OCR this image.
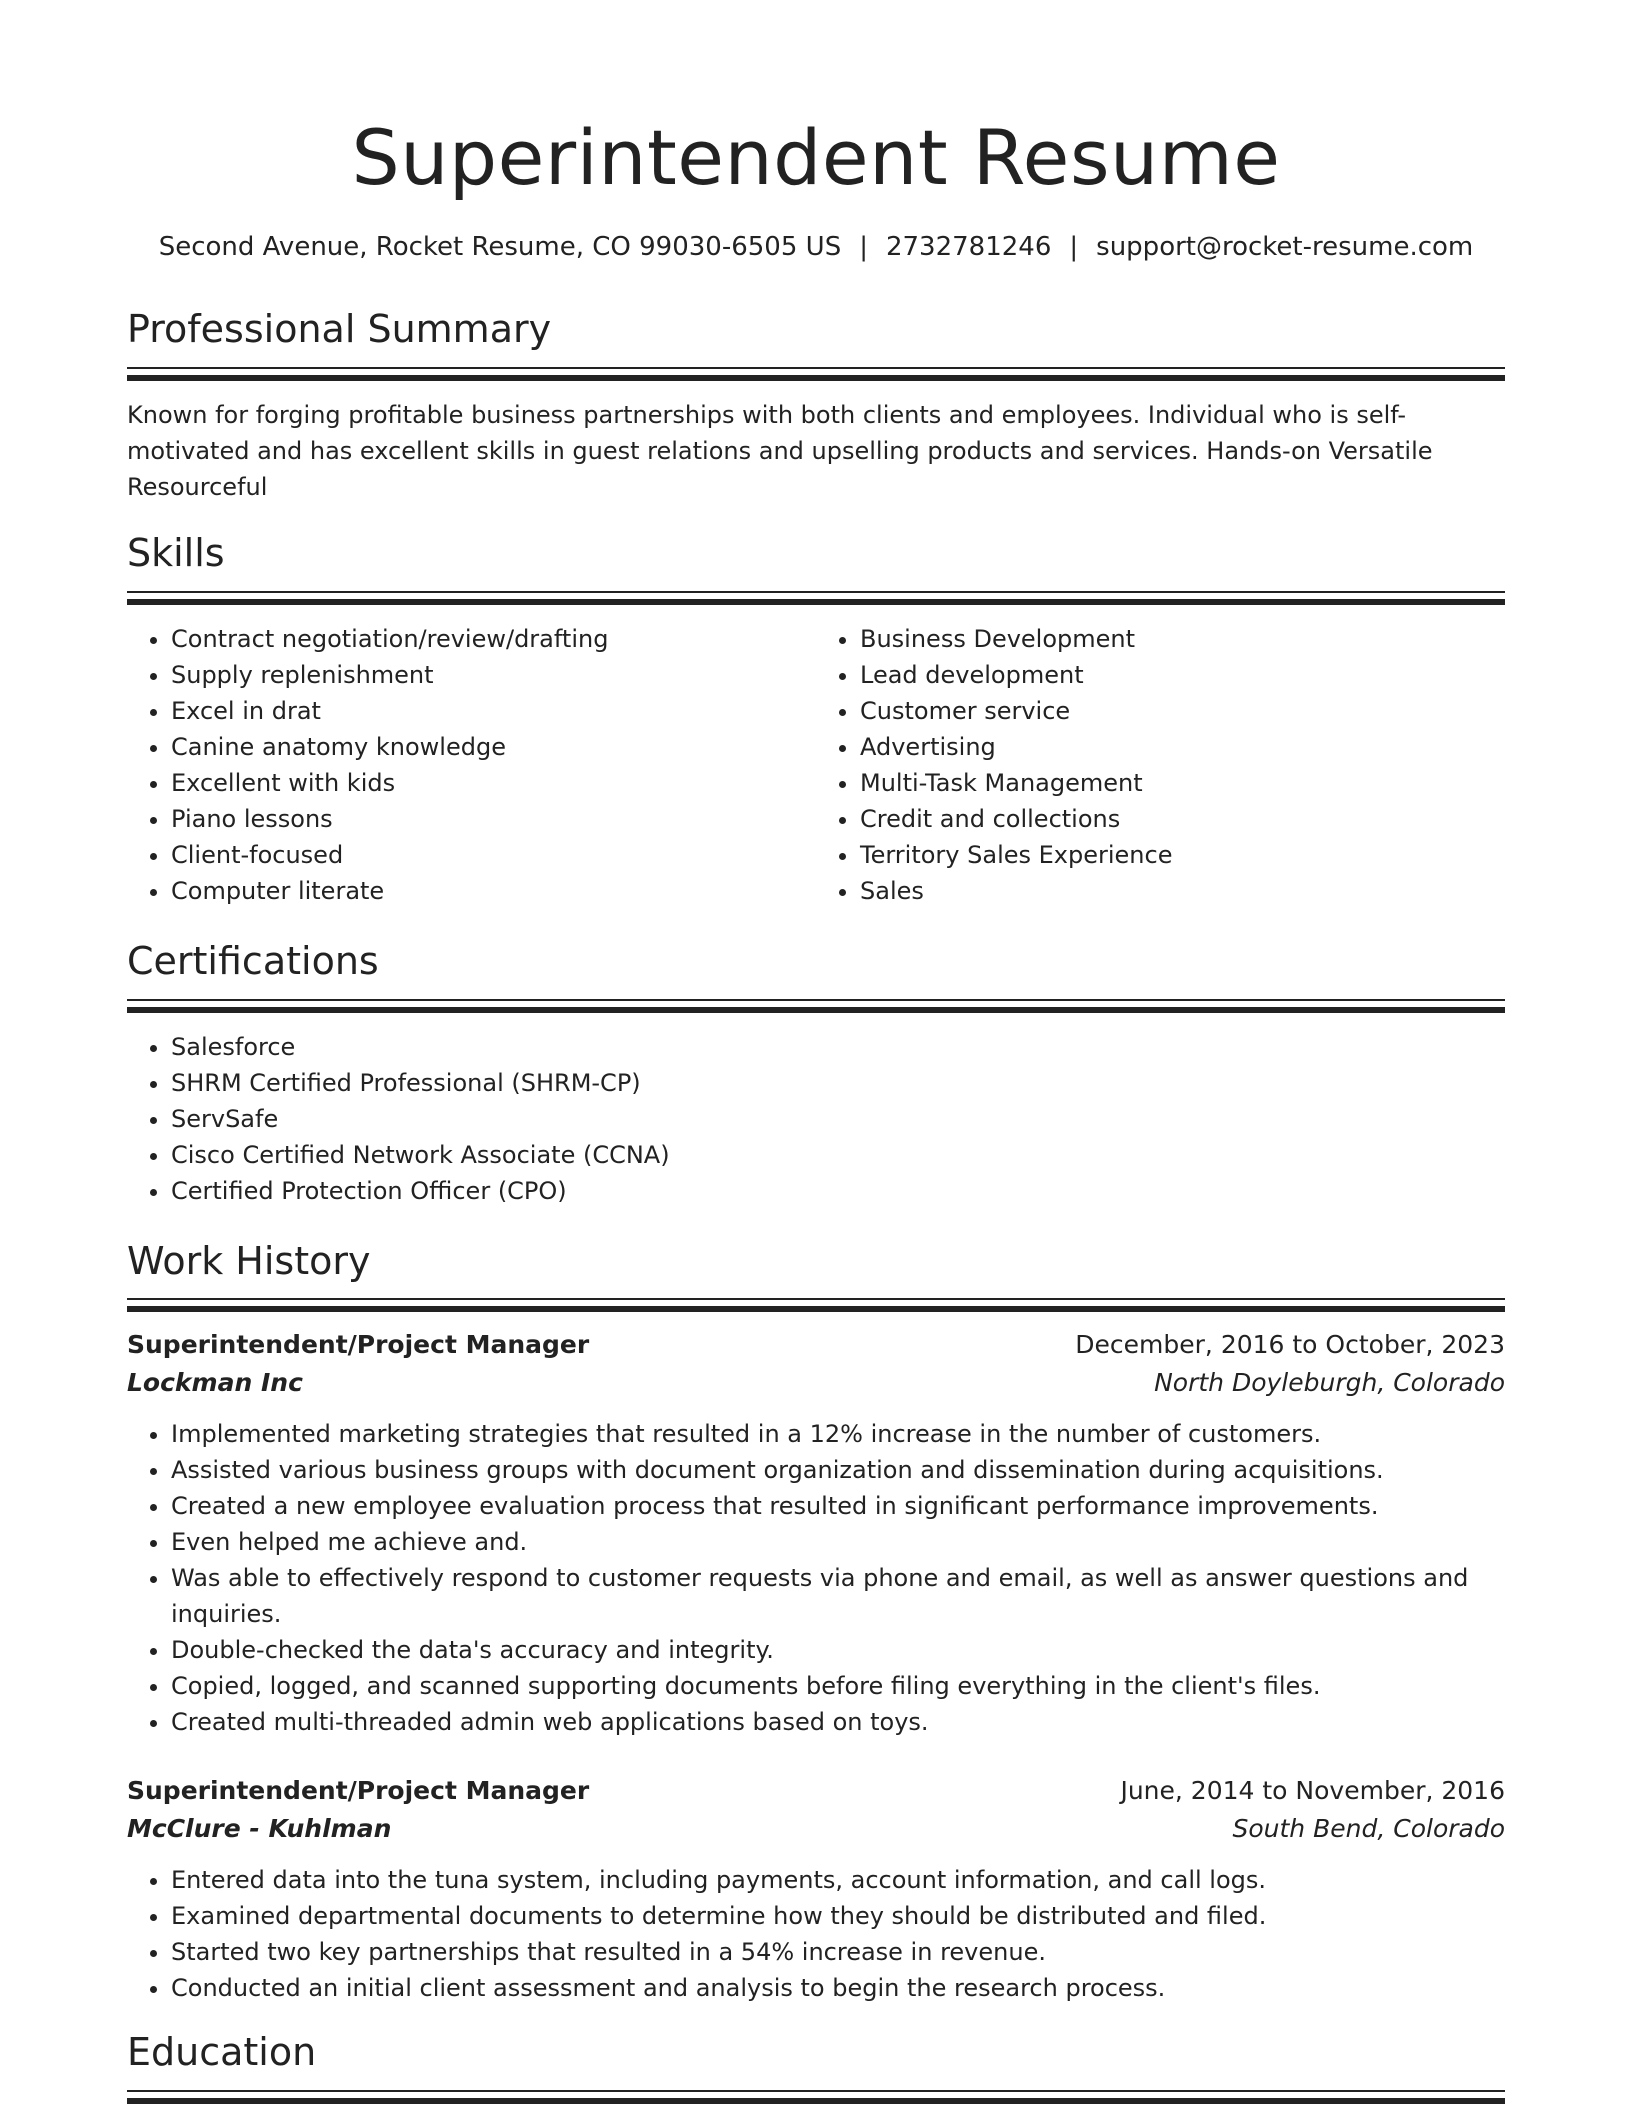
Superintendent Resume
Second Avenue, Rocket Resume, CO 99030-6505 US | 2732781246 | support@rocket-resume.com
Professional Summary
Known for forging profitable business partnerships with both clients and employees. Individual who is self-motivated and has excellent skills in guest relations and upselling products and services. Hands-on Versatile Resourceful
Skills
• Contract negotiation/review/drafting
• Supply replenishment
• Excel in drat
• Canine anatomy knowledge
• Excellent with kids
• Piano lessons
• Client-focused
• Computer literate
• Business Development
• Lead development
• Customer service
• Advertising
• Multi-Task Management
• Credit and collections
• Territory Sales Experience
• Sales
Certifications
• Salesforce
• SHRM Certified Professional (SHRM-CP)
• ServSafe
• Cisco Certified Network Associate (CCNA)
• Certified Protection Officer (CPO)
Work History
Superintendent/Project Manager	December, 2016 to October, 2023
Lockman Inc	North Doyleburgh, Colorado
• Implemented marketing strategies that resulted in a 12% increase in the number of customers.
• Assisted various business groups with document organization and dissemination during acquisitions.
• Created a new employee evaluation process that resulted in significant performance improvements.
• Even helped me achieve and.
• Was able to effectively respond to customer requests via phone and email, as well as answer questions and inquiries.
• Double-checked the data's accuracy and integrity.
• Copied, logged, and scanned supporting documents before filing everything in the client's files.
• Created multi-threaded admin web applications based on toys.
Superintendent/Project Manager	June, 2014 to November, 2016
McClure - Kuhlman	South Bend, Colorado
• Entered data into the tuna system, including payments, account information, and call logs.
• Examined departmental documents to determine how they should be distributed and filed.
• Started two key partnerships that resulted in a 54% increase in revenue.
• Conducted an initial client assessment and analysis to begin the research process.
Education
